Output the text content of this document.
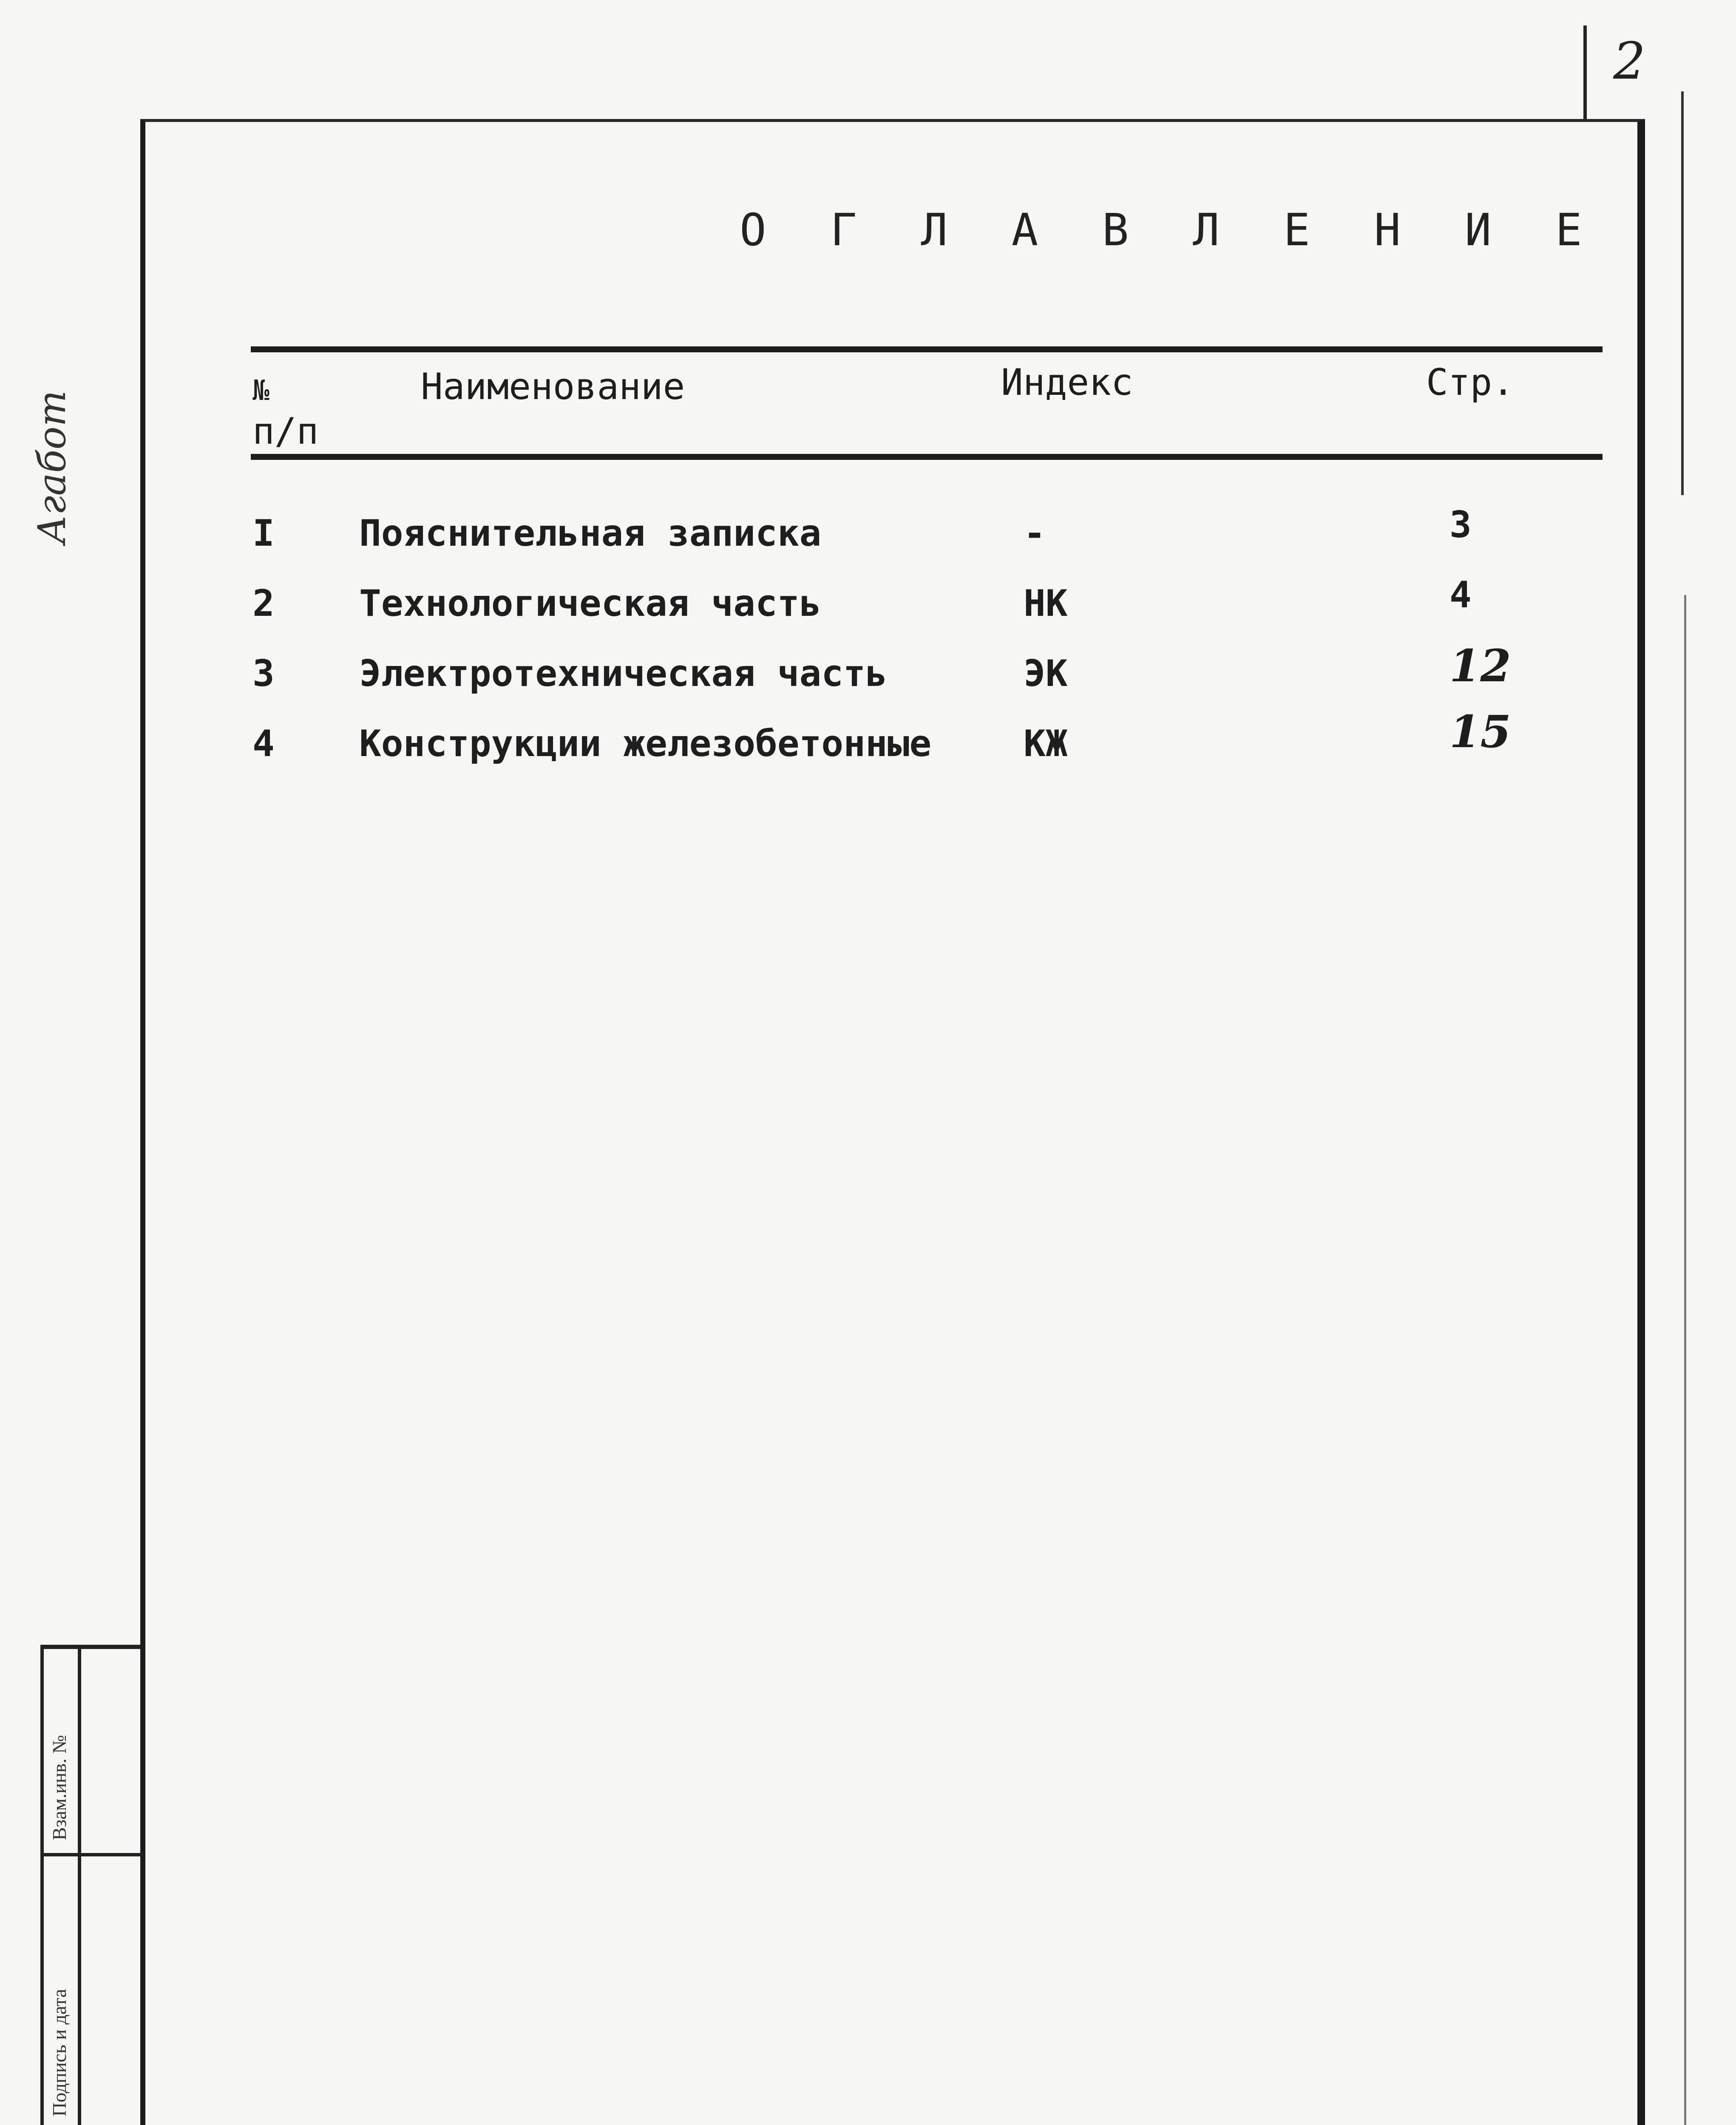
2
О Г Л А В Л Е Н И Е
№
п/п
Наименование	Индекс	Стр.
I Пояснительная записка	-	3
2 Технологическая часть	НК	4
3 Электротехническая часть	ЭК	12
4 Конструкции железобетонные	КЖ	15
Агабот
Взам.инв. №
Подпись и дата
